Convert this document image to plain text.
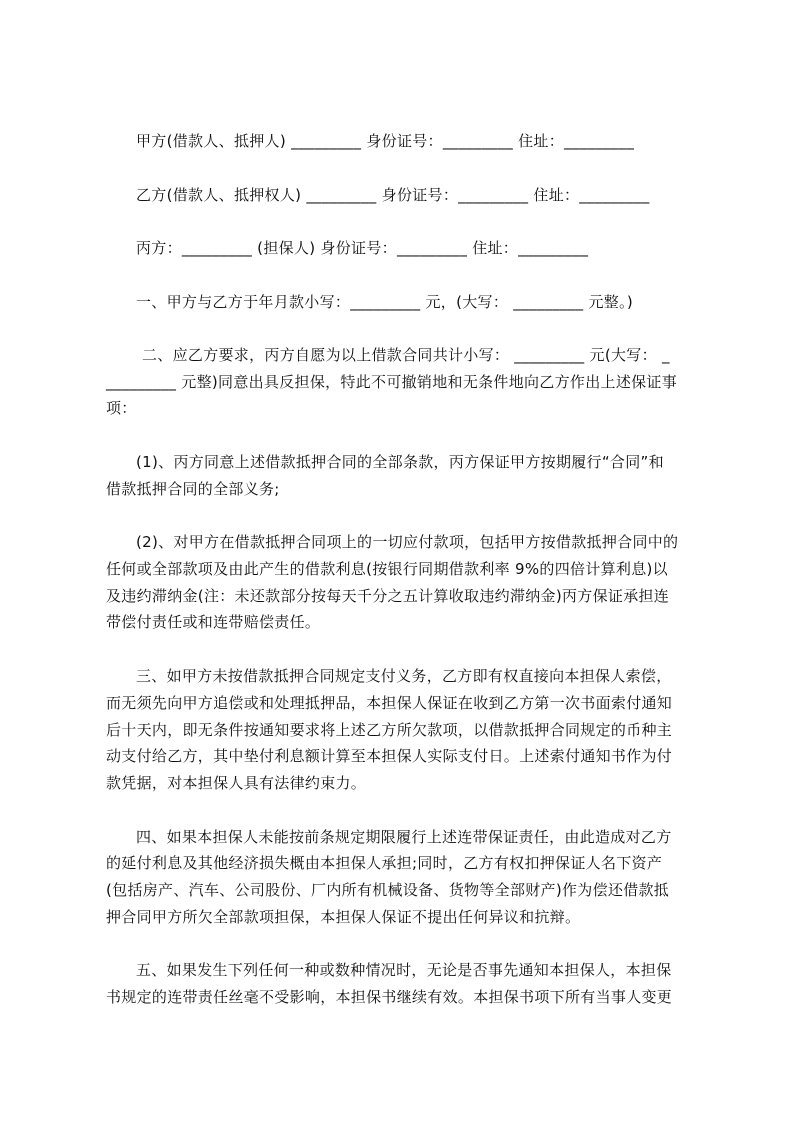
甲方(借款人、抵押人) _________ 身份证号：_________ 住址：_________
乙方(借款人、抵押权人) _________ 身份证号：_________ 住址：_________
丙方：_________ (担保人) 身份证号：_________ 住址：_________
一、甲方与乙方于年月款小写：_________ 元，(大写： _________ 元整。)
二、应乙方要求，丙方自愿为以上借款合同共计小写： _________ 元(大写： _
_________ 元整)同意出具反担保，特此不可撤销地和无条件地向乙方作出上述保证事
项：
(1)、丙方同意上述借款抵押合同的全部条款，丙方保证甲方按期履行“合同”和
借款抵押合同的全部义务;
(2)、对甲方在借款抵押合同项上的一切应付款项，包括甲方按借款抵押合同中的
任何或全部款项及由此产生的借款利息(按银行同期借款利率 9%的四倍计算利息)以
及违约滞纳金(注：未还款部分按每天千分之五计算收取违约滞纳金)丙方保证承担连
带偿付责任或和连带赔偿责任。
三、如甲方未按借款抵押合同规定支付义务，乙方即有权直接向本担保人索偿，
而无须先向甲方追偿或和处理抵押品，本担保人保证在收到乙方第一次书面索付通知
后十天内，即无条件按通知要求将上述乙方所欠款项，以借款抵押合同规定的币种主
动支付给乙方，其中垫付利息额计算至本担保人实际支付日。上述索付通知书作为付
款凭据，对本担保人具有法律约束力。
四、如果本担保人未能按前条规定期限履行上述连带保证责任，由此造成对乙方
的延付利息及其他经济损失概由本担保人承担;同时，乙方有权扣押保证人名下资产
(包括房产、汽车、公司股份、厂内所有机械设备、货物等全部财产)作为偿还借款抵
押合同甲方所欠全部款项担保，本担保人保证不提出任何异议和抗辩。
五、如果发生下列任何一种或数种情况时，无论是否事先通知本担保人，本担保
书规定的连带责任丝毫不受影响，本担保书继续有效。本担保书项下所有当事人变更
